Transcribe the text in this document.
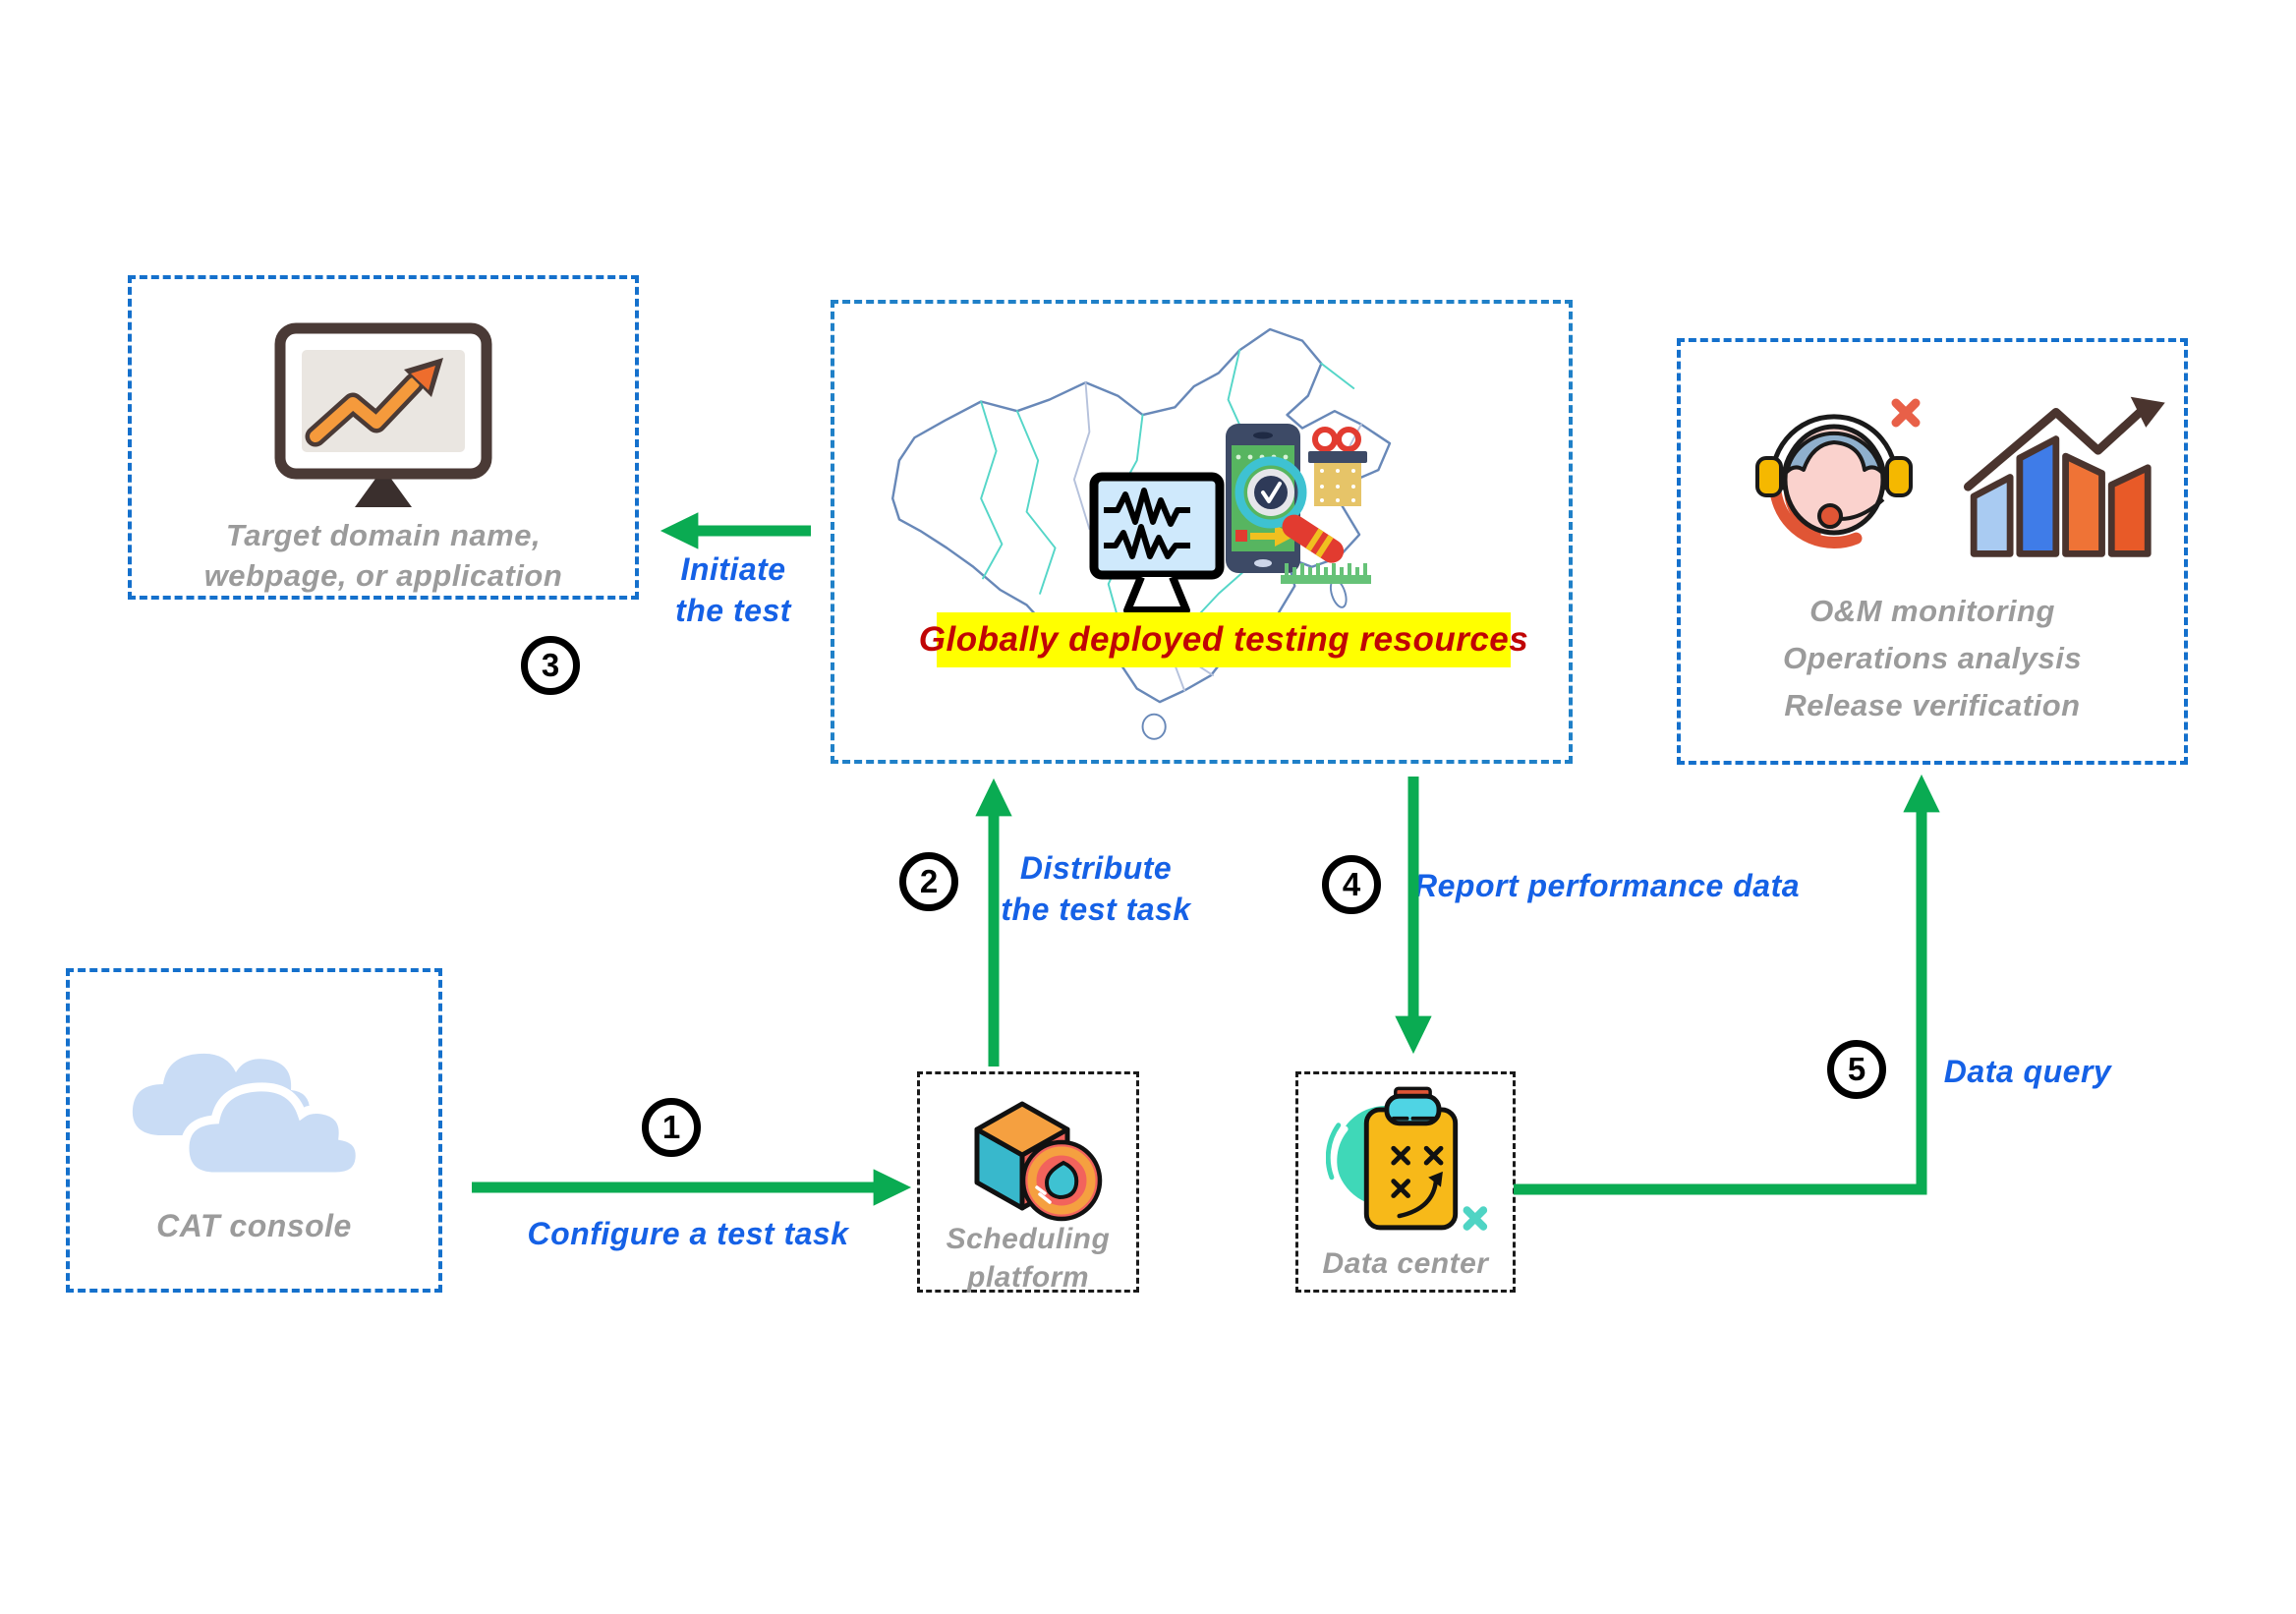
Target domain name,
webpage, or application
Globally deployed testing resources
O&M monitoring
Operations analysis
Release verification
CAT console	Scheduling
platform	Data center
1
2
3
4
5
Configure a test task
Distribute
the test task
Initiate
the test
Report performance data
Data query
